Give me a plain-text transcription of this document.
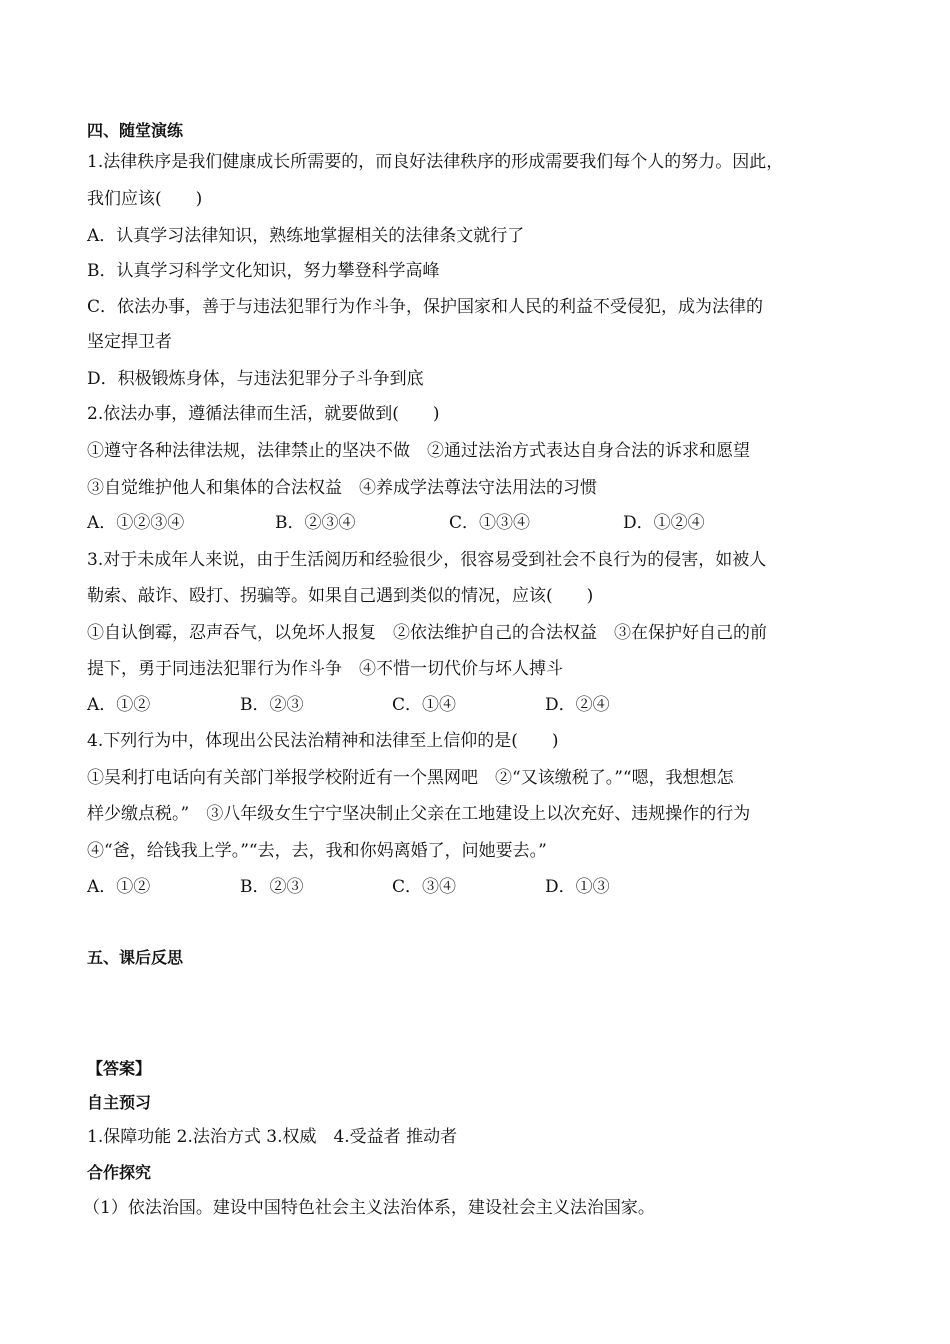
四、随堂演练
1.法律秩序是我们健康成长所需要的，而良好法律秩序的形成需要我们每个人的努力。因此，
我们应该(　　)
A．认真学习法律知识，熟练地掌握相关的法律条文就行了
B．认真学习科学文化知识，努力攀登科学高峰
C．依法办事，善于与违法犯罪行为作斗争，保护国家和人民的利益不受侵犯，成为法律的
坚定捍卫者
D．积极锻炼身体，与违法犯罪分子斗争到底
2.依法办事，遵循法律而生活，就要做到(　　)
①遵守各种法律法规，法律禁止的坚决不做　②通过法治方式表达自身合法的诉求和愿望
③自觉维护他人和集体的合法权益　④养成学法尊法守法用法的习惯
A．①②③④	B．②③④	C．①③④	D．①②④
3.对于未成年人来说，由于生活阅历和经验很少，很容易受到社会不良行为的侵害，如被人
勒索、敲诈、殴打、拐骗等。如果自己遇到类似的情况，应该(　　)
①自认倒霉，忍声吞气，以免坏人报复　②依法维护自己的合法权益　③在保护好自己的前
提下，勇于同违法犯罪行为作斗争　④不惜一切代价与坏人搏斗
A．①②	B．②③	C．①④	D．②④
4.下列行为中，体现出公民法治精神和法律至上信仰的是(　　)
①吴利打电话向有关部门举报学校附近有一个黑网吧　②“又该缴税了。”“嗯，我想想怎
样少缴点税。”　③八年级女生宁宁坚决制止父亲在工地建设上以次充好、违规操作的行为
④“爸，给钱我上学。”“去，去，我和你妈离婚了，问她要去。”
A．①②	B．②③	C．③④	D．①③
五、课后反思
【答案】
自主预习
1.保障功能 2.法治方式 3.权威　4.受益者 推动者
合作探究
（1）依法治国。建设中国特色社会主义法治体系，建设社会主义法治国家。
